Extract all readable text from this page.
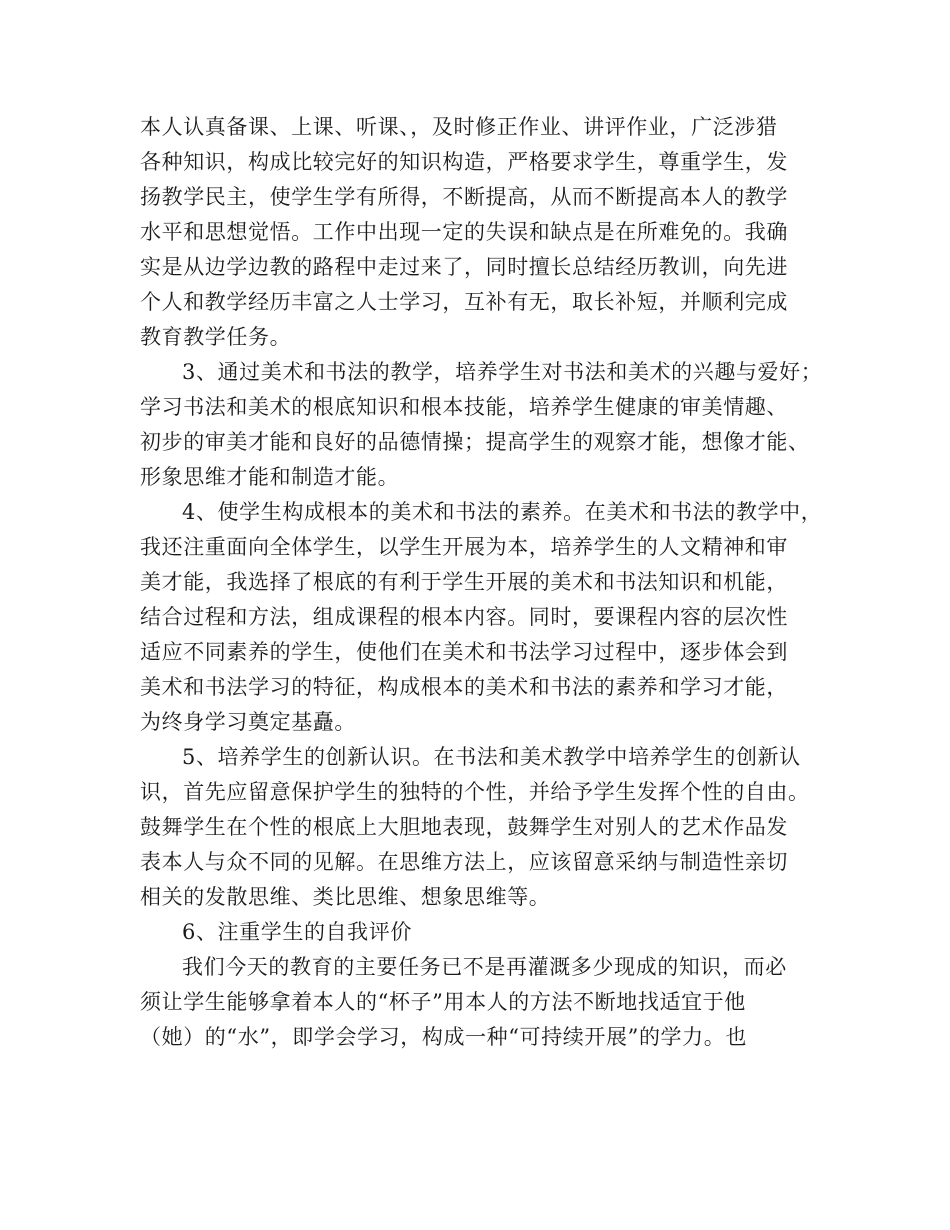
本人认真备课、上课、听课、，及时修正作业、讲评作业，广泛涉猎
各种知识，构成比较完好的知识构造，严格要求学生，尊重学生，发
扬教学民主，使学生学有所得，不断提高，从而不断提高本人的教学
水平和思想觉悟。工作中出现一定的失误和缺点是在所难免的。我确
实是从边学边教的路程中走过来了，同时擅长总结经历教训，向先进
个人和教学经历丰富之人士学习，互补有无，取长补短，并顺利完成
教育教学任务。
3、通过美术和书法的教学，培养学生对书法和美术的兴趣与爱好；
学习书法和美术的根底知识和根本技能，培养学生健康的审美情趣、
初步的审美才能和良好的品德情操；提高学生的观察才能，想像才能、
形象思维才能和制造才能。
4、使学生构成根本的美术和书法的素养。在美术和书法的教学中，
我还注重面向全体学生，以学生开展为本，培养学生的人文精神和审
美才能，我选择了根底的有利于学生开展的美术和书法知识和机能，
结合过程和方法，组成课程的根本内容。同时，要课程内容的层次性
适应不同素养的学生，使他们在美术和书法学习过程中，逐步体会到
美术和书法学习的特征，构成根本的美术和书法的素养和学习才能，
为终身学习奠定基矗。
5、培养学生的创新认识。在书法和美术教学中培养学生的创新认
识，首先应留意保护学生的独特的个性，并给予学生发挥个性的自由。
鼓舞学生在个性的根底上大胆地表现，鼓舞学生对别人的艺术作品发
表本人与众不同的见解。在思维方法上，应该留意采纳与制造性亲切
相关的发散思维、类比思维、想象思维等。
6、注重学生的自我评价
我们今天的教育的主要任务已不是再灌溉多少现成的知识，而必
须让学生能够拿着本人的“杯子”用本人的方法不断地找适宜于他
（她）的“水”，即学会学习，构成一种“可持续开展”的学力。也
